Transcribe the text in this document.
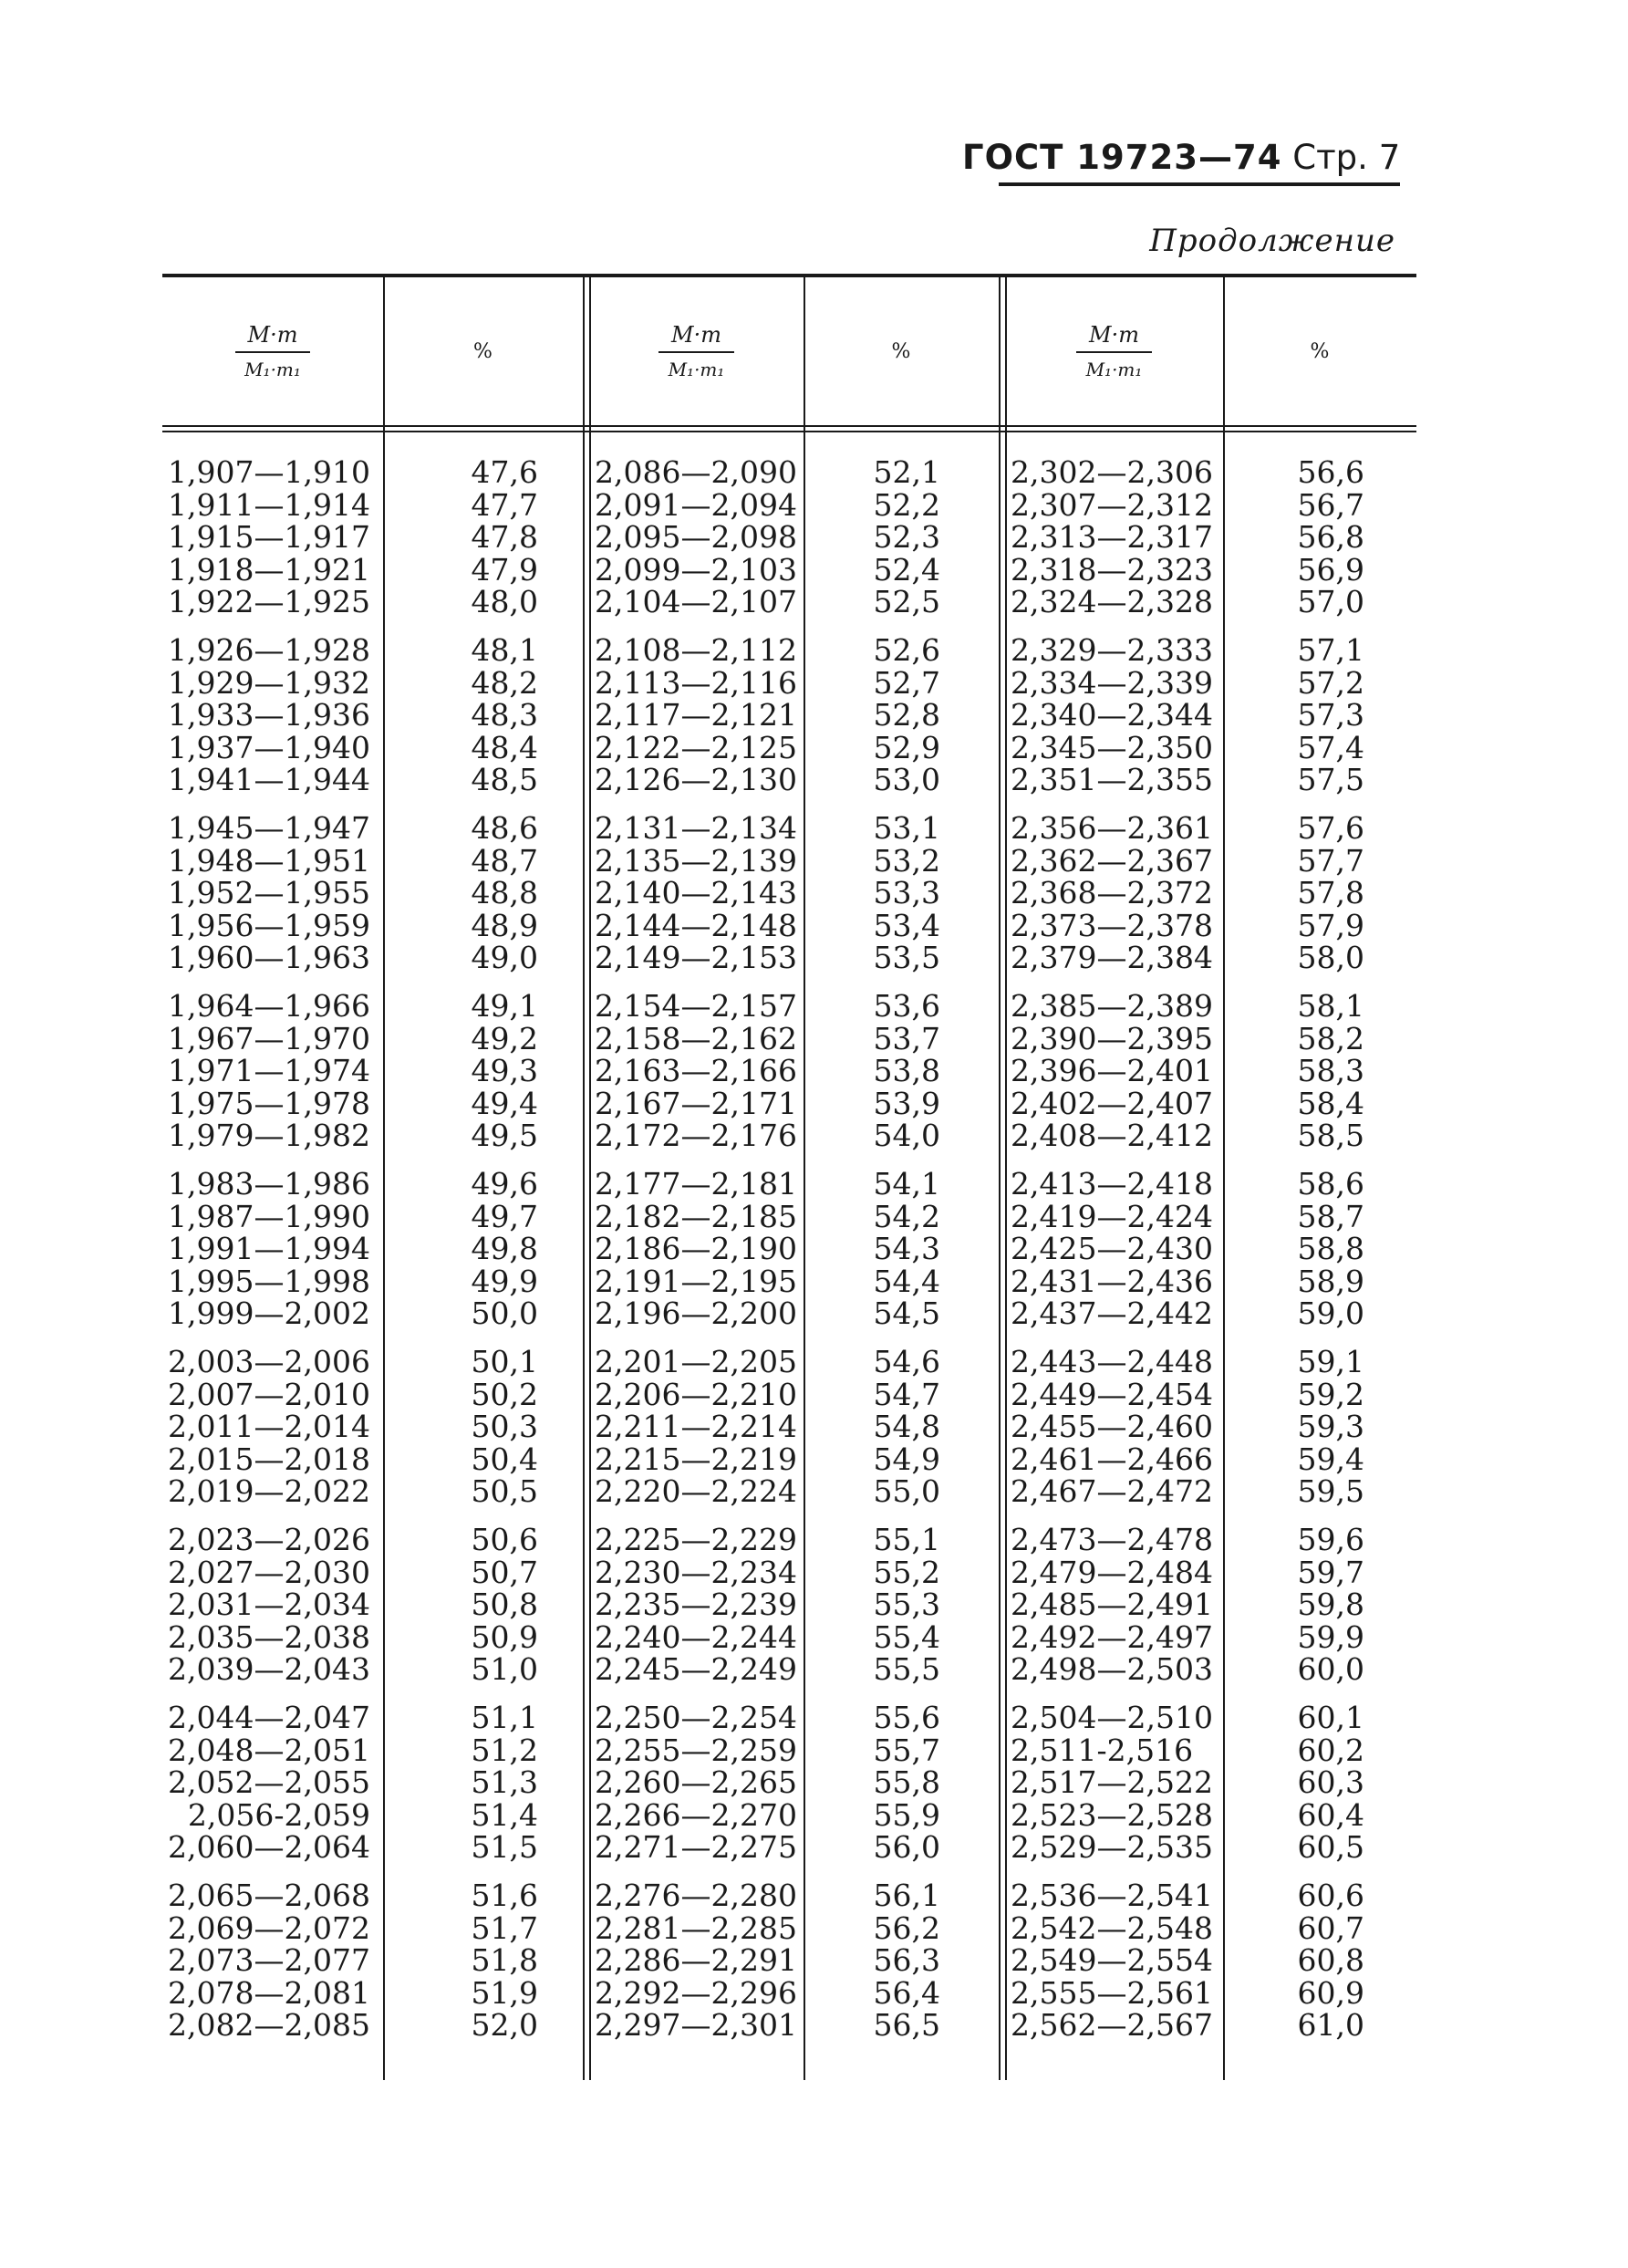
ГОСТ 19723—74 Стр. 7
Продолжение
M·m
M₁·m₁
%
M·m
M₁·m₁
%
M·m
M₁·m₁
%
1,907—1,910	47,6 2,086—2,090	52,1 2,302—2,306	56,6
1,911—1,914	47,7 2,091—2,094	52,2 2,307—2,312	56,7
1,915—1,917	47,8 2,095—2,098	52,3 2,313—2,317	56,8
1,918—1,921	47,9 2,099—2,103	52,4 2,318—2,323	56,9
1,922—1,925	48,0 2,104—2,107	52,5 2,324—2,328	57,0
1,926—1,928	48,1 2,108—2,112	52,6 2,329—2,333	57,1
1,929—1,932	48,2 2,113—2,116	52,7 2,334—2,339	57,2
1,933—1,936	48,3 2,117—2,121	52,8 2,340—2,344	57,3
1,937—1,940	48,4 2,122—2,125	52,9 2,345—2,350	57,4
1,941—1,944	48,5 2,126—2,130	53,0 2,351—2,355	57,5
1,945—1,947	48,6 2,131—2,134	53,1 2,356—2,361	57,6
1,948—1,951	48,7 2,135—2,139	53,2 2,362—2,367	57,7
1,952—1,955	48,8 2,140—2,143	53,3 2,368—2,372	57,8
1,956—1,959	48,9 2,144—2,148	53,4 2,373—2,378	57,9
1,960—1,963	49,0 2,149—2,153	53,5 2,379—2,384	58,0
1,964—1,966	49,1 2,154—2,157	53,6 2,385—2,389	58,1
1,967—1,970	49,2 2,158—2,162	53,7 2,390—2,395	58,2
1,971—1,974	49,3 2,163—2,166	53,8 2,396—2,401	58,3
1,975—1,978	49,4 2,167—2,171	53,9 2,402—2,407	58,4
1,979—1,982	49,5 2,172—2,176	54,0 2,408—2,412	58,5
1,983—1,986	49,6 2,177—2,181	54,1 2,413—2,418	58,6
1,987—1,990	49,7 2,182—2,185	54,2 2,419—2,424	58,7
1,991—1,994	49,8 2,186—2,190	54,3 2,425—2,430	58,8
1,995—1,998	49,9 2,191—2,195	54,4 2,431—2,436	58,9
1,999—2,002	50,0 2,196—2,200	54,5 2,437—2,442	59,0
2,003—2,006	50,1 2,201—2,205	54,6 2,443—2,448	59,1
2,007—2,010	50,2 2,206—2,210	54,7 2,449—2,454	59,2
2,011—2,014	50,3 2,211—2,214	54,8 2,455—2,460	59,3
2,015—2,018	50,4 2,215—2,219	54,9 2,461—2,466	59,4
2,019—2,022	50,5 2,220—2,224	55,0 2,467—2,472	59,5
2,023—2,026	50,6 2,225—2,229	55,1 2,473—2,478	59,6
2,027—2,030	50,7 2,230—2,234	55,2 2,479—2,484	59,7
2,031—2,034	50,8 2,235—2,239	55,3 2,485—2,491	59,8
2,035—2,038	50,9 2,240—2,244	55,4 2,492—2,497	59,9
2,039—2,043	51,0 2,245—2,249	55,5 2,498—2,503	60,0
2,044—2,047	51,1 2,250—2,254	55,6 2,504—2,510	60,1
2,048—2,051	51,2 2,255—2,259	55,7 2,511-2,516	60,2
2,052—2,055	51,3 2,260—2,265	55,8 2,517—2,522	60,3
2,056-2,059	51,4 2,266—2,270	55,9 2,523—2,528	60,4
2,060—2,064	51,5 2,271—2,275	56,0 2,529—2,535	60,5
2,065—2,068	51,6 2,276—2,280	56,1 2,536—2,541	60,6
2,069—2,072	51,7 2,281—2,285	56,2 2,542—2,548	60,7
2,073—2,077	51,8 2,286—2,291	56,3 2,549—2,554	60,8
2,078—2,081	51,9 2,292—2,296	56,4 2,555—2,561	60,9
2,082—2,085	52,0 2,297—2,301	56,5 2,562—2,567	61,0
